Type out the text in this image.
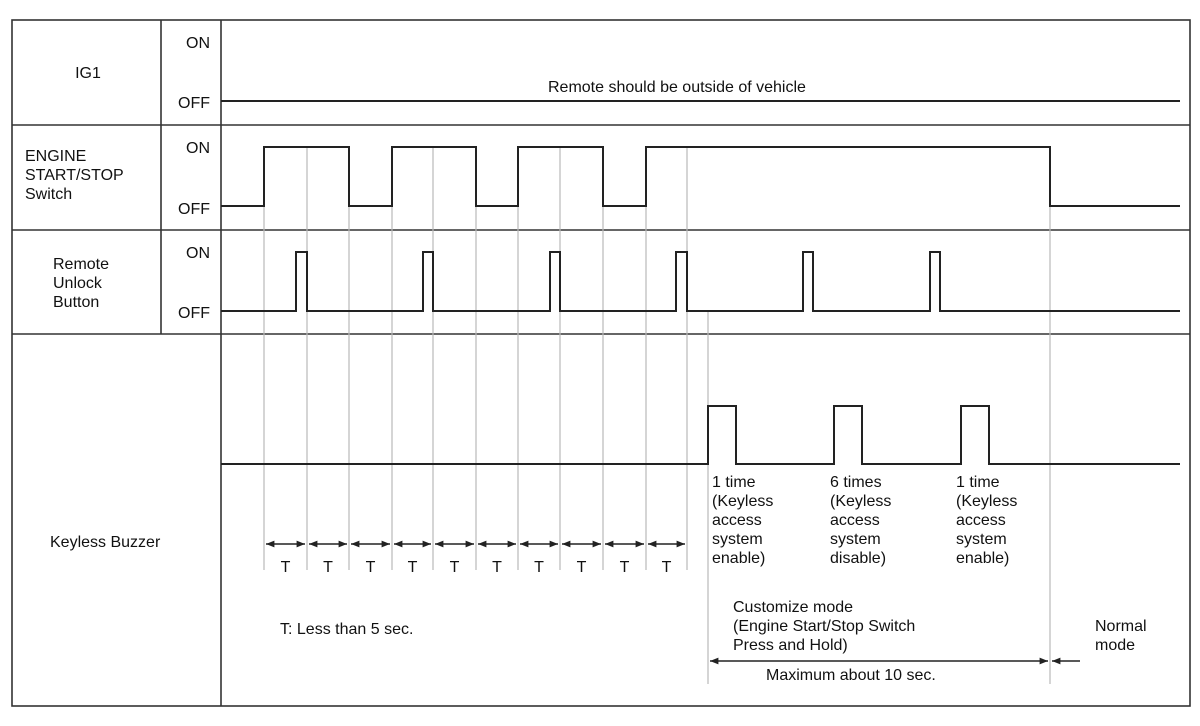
IG1
ENGINE START/STOP Switch
Remote Unlock Button
Keyless Buzzer
ON
OFF
ON
OFF
ON
OFF
Remote should be outside of vehicle
1 time (Keyless access system enable)
6 times (Keyless access system disable)
1 time (Keyless access system enable)
T T T T T T T T T T
T: Less than 5 sec.
Customize mode (Engine Start/Stop Switch Press and Hold)
Maximum about 10 sec.
Normal mode
